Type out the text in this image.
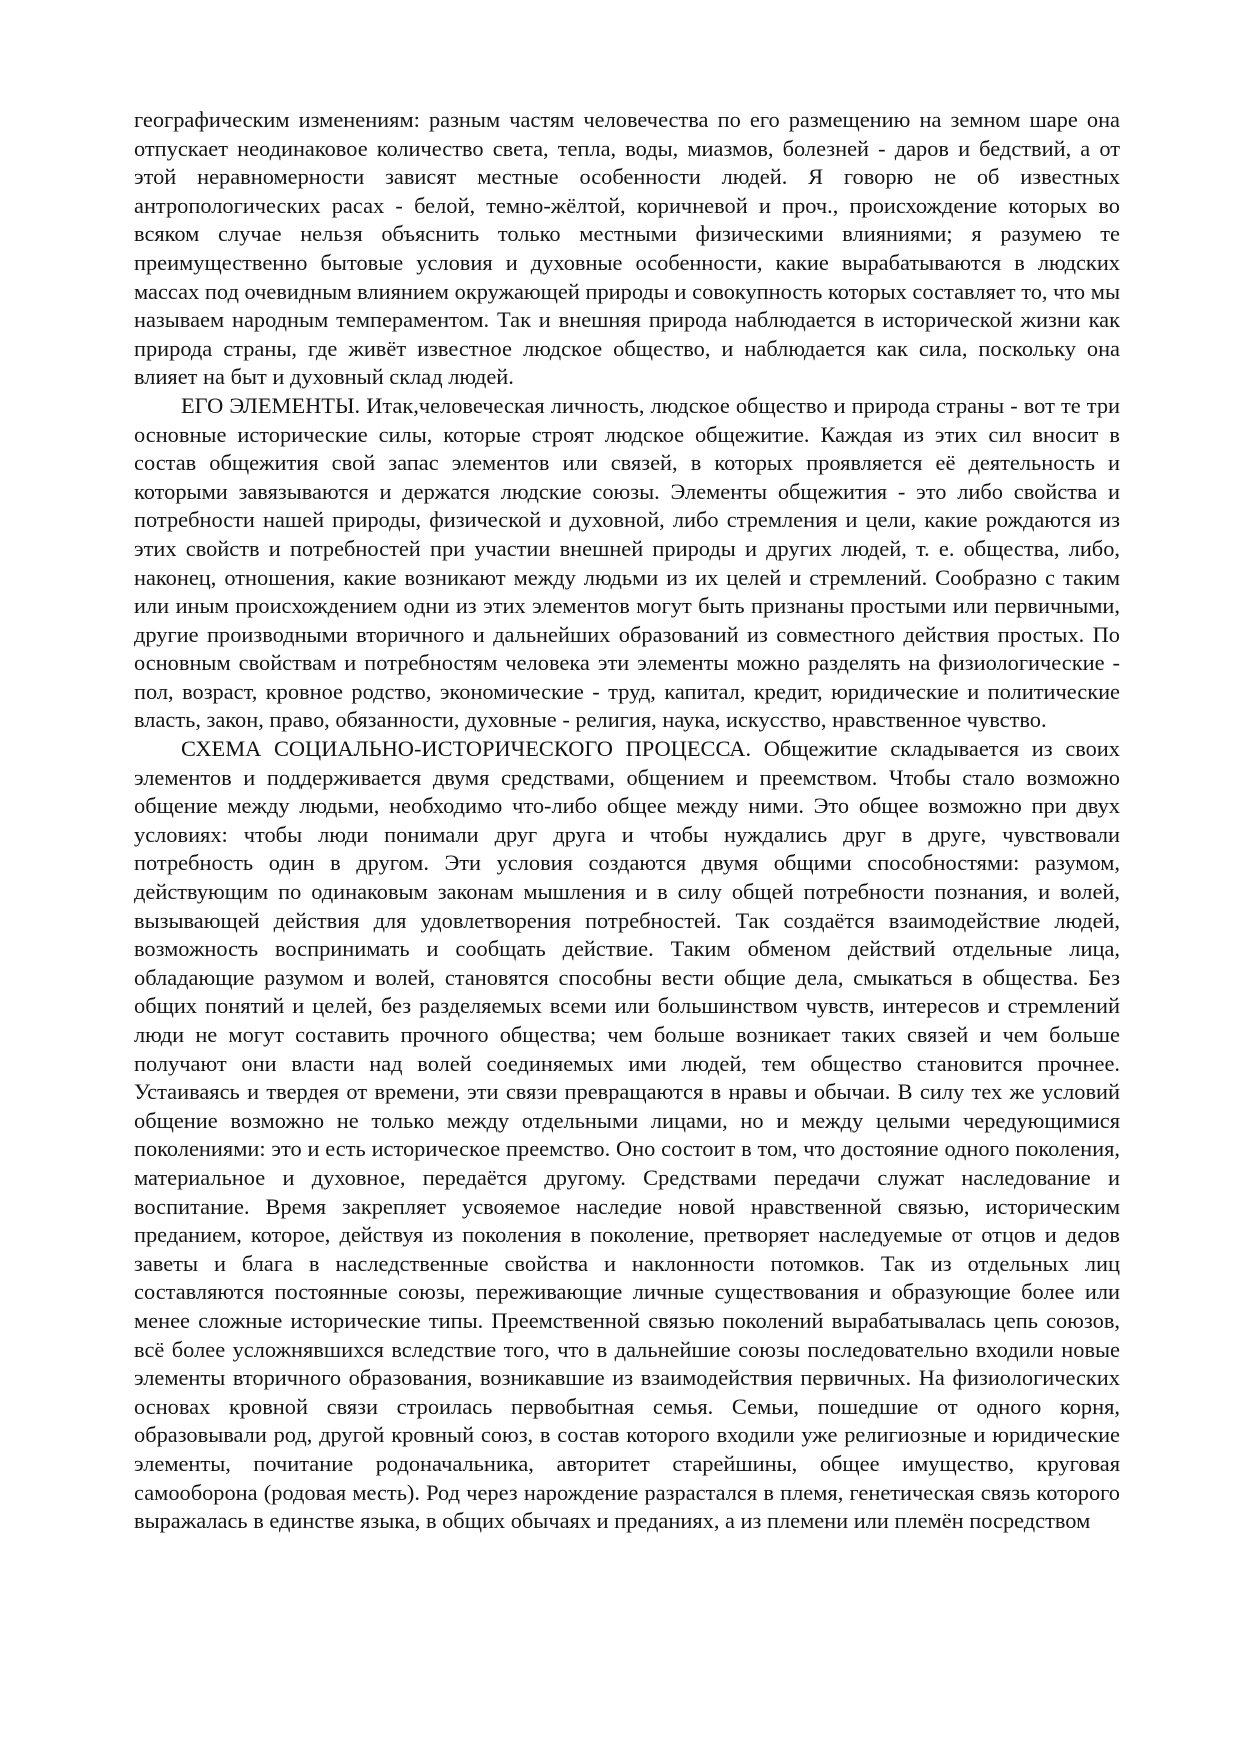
географическим изменениям: разным частям человечества по его размещению на земном шаре она отпускает неодинаковое количество света, тепла, воды, миазмов, болезней - даров и бедствий, а от этой неравномерности зависят местные особенности людей. Я говорю не об известных антропологических расах - белой, темно-жёлтой, коричневой и проч., происхождение которых во всяком случае нельзя объяснить только местными физическими влияниями; я разумею те преимущественно бытовые условия и духовные особенности, какие вырабатываются в людских массах под очевидным влиянием окружающей природы и совокупность которых составляет то, что мы называем народным темпераментом. Так и внешняя природа наблюдается в исторической жизни как природа страны, где живёт известное людское общество, и наблюдается как сила, поскольку она влияет на быт и духовный склад людей.

ЕГО ЭЛЕМЕНТЫ. Итак,человеческая личность, людское общество и природа страны - вот те три основные исторические силы, которые строят людское общежитие. Каждая из этих сил вносит в состав общежития свой запас элементов или связей, в которых проявляется её деятельность и которыми завязываются и держатся людские союзы. Элементы общежития - это либо свойства и потребности нашей природы, физической и духовной, либо стремления и цели, какие рождаются из этих свойств и потребностей при участии внешней природы и других людей, т. е. общества, либо, наконец, отношения, какие возникают между людьми из их целей и стремлений. Сообразно с таким или иным происхождением одни из этих элементов могут быть признаны простыми или первичными, другие производными вторичного и дальнейших образований из совместного действия простых. По основным свойствам и потребностям человека эти элементы можно разделять на физиологические - пол, возраст, кровное родство, экономические - труд, капитал, кредит, юридические и политические власть, закон, право, обязанности, духовные - религия, наука, искусство, нравственное чувство.

СХЕМА СОЦИАЛЬНО-ИСТОРИЧЕСКОГО ПРОЦЕССА. Общежитие складывается из своих элементов и поддерживается двумя средствами, общением и преемством. Чтобы стало возможно общение между людьми, необходимо что-либо общее между ними. Это общее возможно при двух условиях: чтобы люди понимали друг друга и чтобы нуждались друг в друге, чувствовали потребность один в другом. Эти условия создаются двумя общими способностями: разумом, действующим по одинаковым законам мышления и в силу общей потребности познания, и волей, вызывающей действия для удовлетворения потребностей. Так создаётся взаимодействие людей, возможность воспринимать и сообщать действие. Таким обменом действий отдельные лица, обладающие разумом и волей, становятся способны вести общие дела, смыкаться в общества. Без общих понятий и целей, без разделяемых всеми или большинством чувств, интересов и стремлений люди не могут составить прочного общества; чем больше возникает таких связей и чем больше получают они власти над волей соединяемых ими людей, тем общество становится прочнее. Устаиваясь и твердея от времени, эти связи превращаются в нравы и обычаи. В силу тех же условий общение возможно не только между отдельными лицами, но и между целыми чередующимися поколениями: это и есть историческое преемство. Оно состоит в том, что достояние одного поколения, материальное и духовное, передаётся другому. Средствами передачи служат наследование и воспитание. Время закрепляет усвояемое наследие новой нравственной связью, историческим преданием, которое, действуя из поколения в поколение, претворяет наследуемые от отцов и дедов заветы и блага в наследственные свойства и наклонности потомков. Так из отдельных лиц составляются постоянные союзы, переживающие личные существования и образующие более или менее сложные исторические типы. Преемственной связью поколений вырабатывалась цепь союзов, всё более усложнявшихся вследствие того, что в дальнейшие союзы последовательно входили новые элементы вторичного образования, возникавшие из взаимодействия первичных. На физиологических основах кровной связи строилась первобытная семья. Семьи, пошедшие от одного корня, образовывали род, другой кровный союз, в состав которого входили уже религиозные и юридические элементы, почитание родоначальника, авторитет старейшины, общее имущество, круговая самооборона (родовая месть). Род через нарождение разрастался в племя, генетическая связь которого выражалась в единстве языка, в общих обычаях и преданиях, а из племени или племён посредством
